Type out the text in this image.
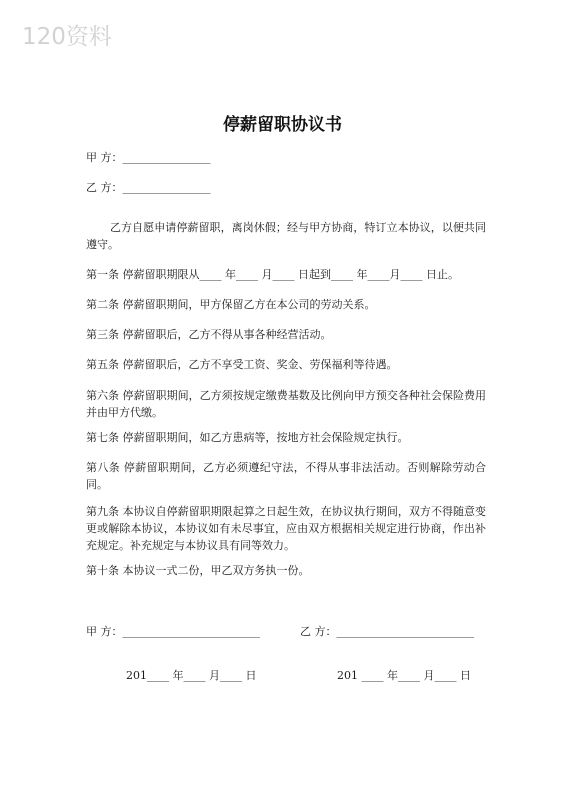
120资料
停薪留职协议书
甲 方：________________
乙 方：________________
乙方自愿申请停薪留职，离岗休假；经与甲方协商，特订立本协议，以便共同遵守。
第一条 停薪留职期限从____ 年____ 月____ 日起到____ 年____月____ 日止。
第二条 停薪留职期间，甲方保留乙方在本公司的劳动关系。
第三条 停薪留职后，乙方不得从事各种经营活动。
第五条 停薪留职后，乙方不享受工资、奖金、劳保福利等待遇。
第六条 停薪留职期间，乙方须按规定缴费基数及比例向甲方预交各种社会保险费用并由甲方代缴。
第七条 停薪留职期间，如乙方患病等，按地方社会保险规定执行。
第八条 停薪留职期间，乙方必须遵纪守法，不得从事非法活动。否则解除劳动合同。
第九条 本协议自停薪留职期限起算之日起生效，在协议执行期间，双方不得随意变更或解除本协议，本协议如有未尽事宜，应由双方根据相关规定进行协商，作出补充规定。补充规定与本协议具有同等效力。
第十条 本协议一式二份，甲乙双方务执一份。
甲 方：_________________________	乙 方：_________________________
201____ 年____ 月____ 日	201 ____ 年____ 月____ 日
